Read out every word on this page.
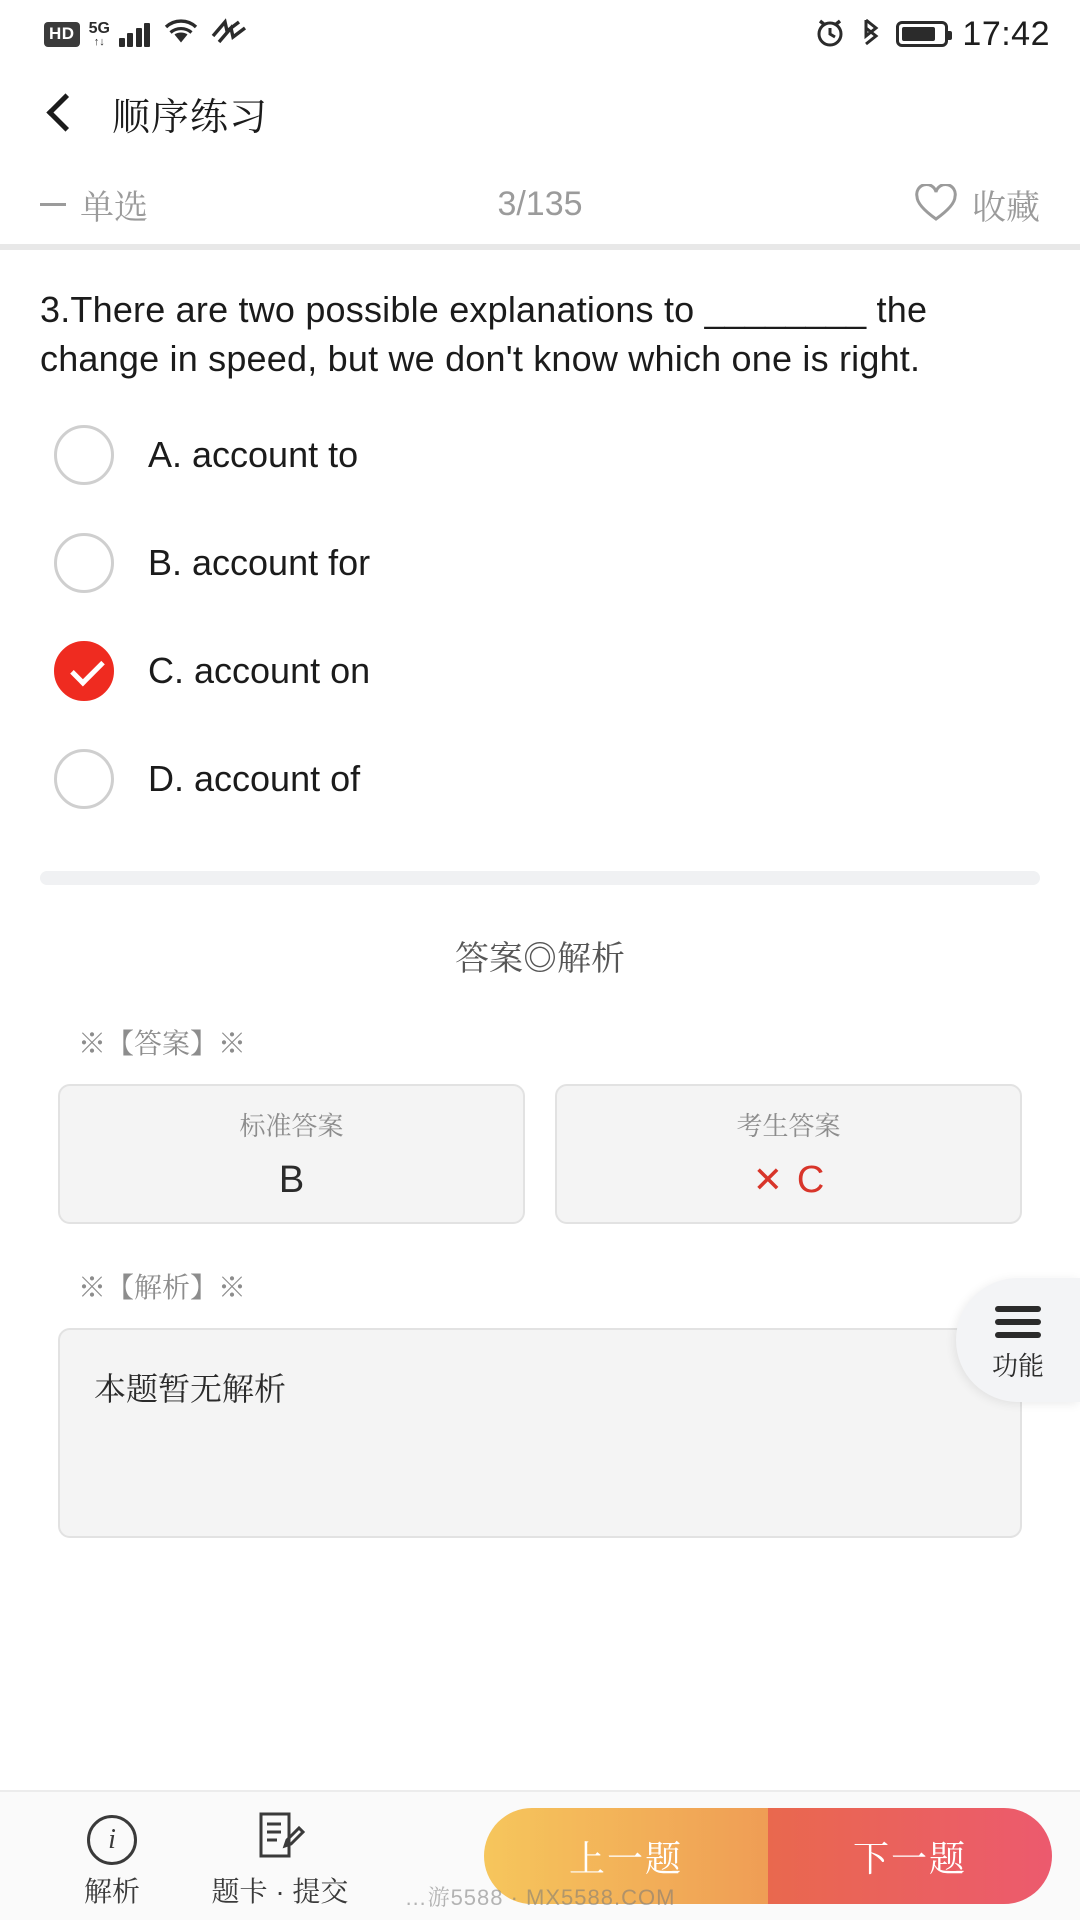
HD 5G
↑↓	17:42
顺序练习
单选	3/135	收藏
3.There are two possible explanations to ________ the change in speed, but we don't know which one is right.
A. account to
B. account for
C. account on
D. account of
答案◎解析
※【答案】※
标准答案
B
考生答案
✕ C
※【解析】※
本题暂无解析
功能
i
解析	题卡 · 提交
上一题	下一题
…游5588 · MX5588.COM
